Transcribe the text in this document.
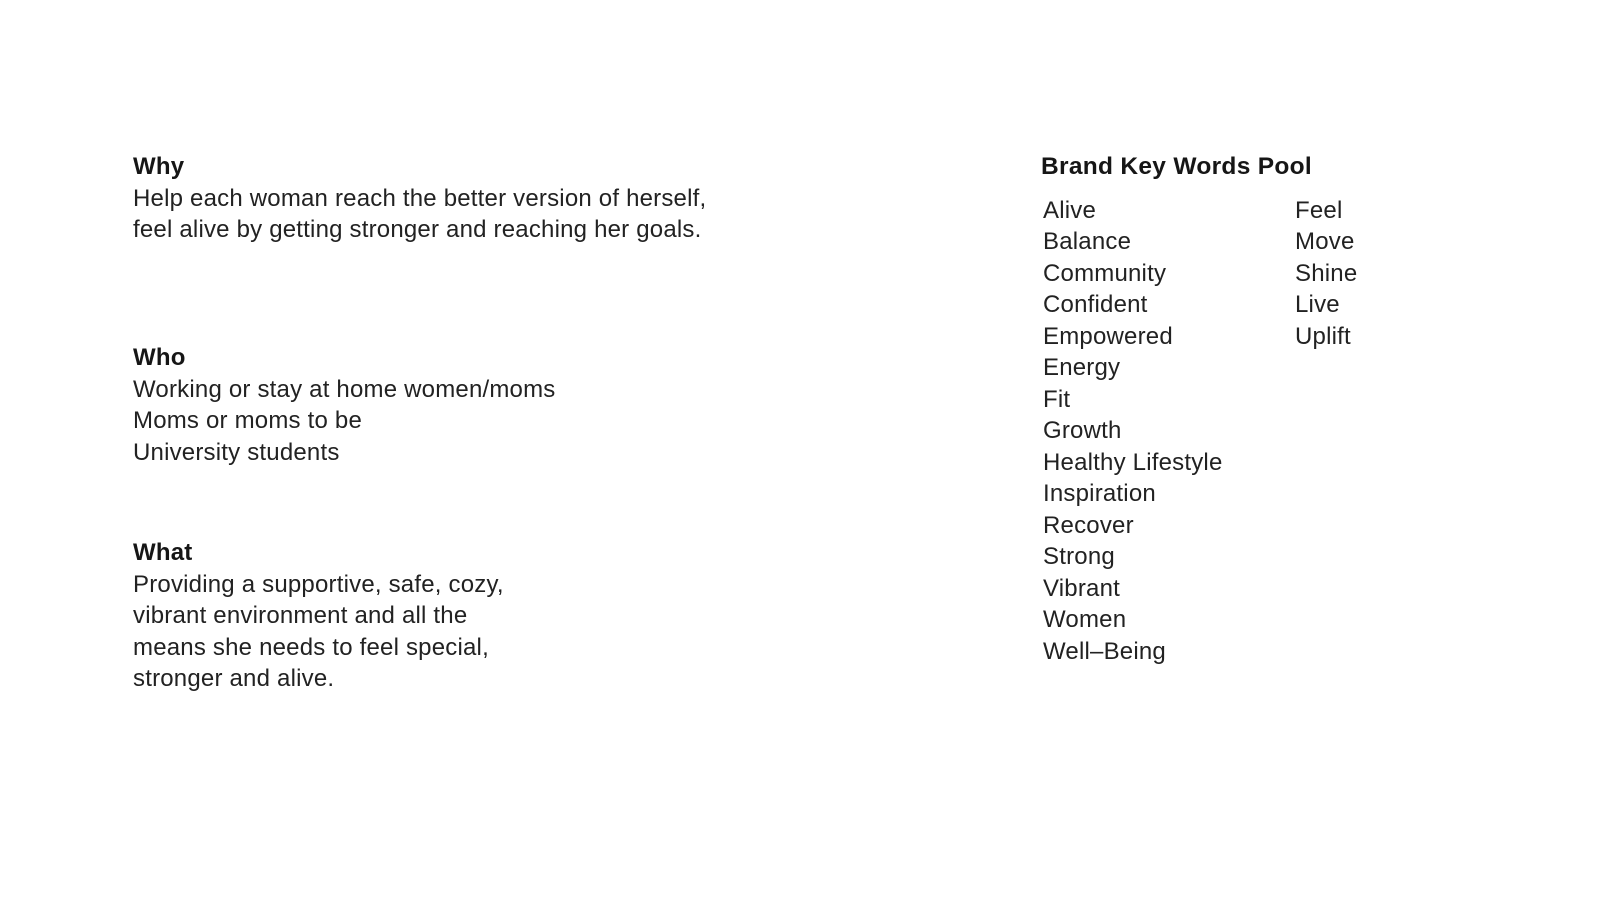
Why
Help each woman reach the better version of herself,
feel alive by getting stronger and reaching her goals.
Who
Working or stay at home women/moms
Moms or moms to be
University students
What
Providing a supportive, safe, cozy,
vibrant environment and all the
means she needs to feel special,
stronger and alive.
Brand Key Words Pool
Alive
Balance
Community
Confident
Empowered
Energy
Fit
Growth
Healthy Lifestyle
Inspiration
Recover
Strong
Vibrant
Women
Well–Being
Feel
Move
Shine
Live
Uplift
